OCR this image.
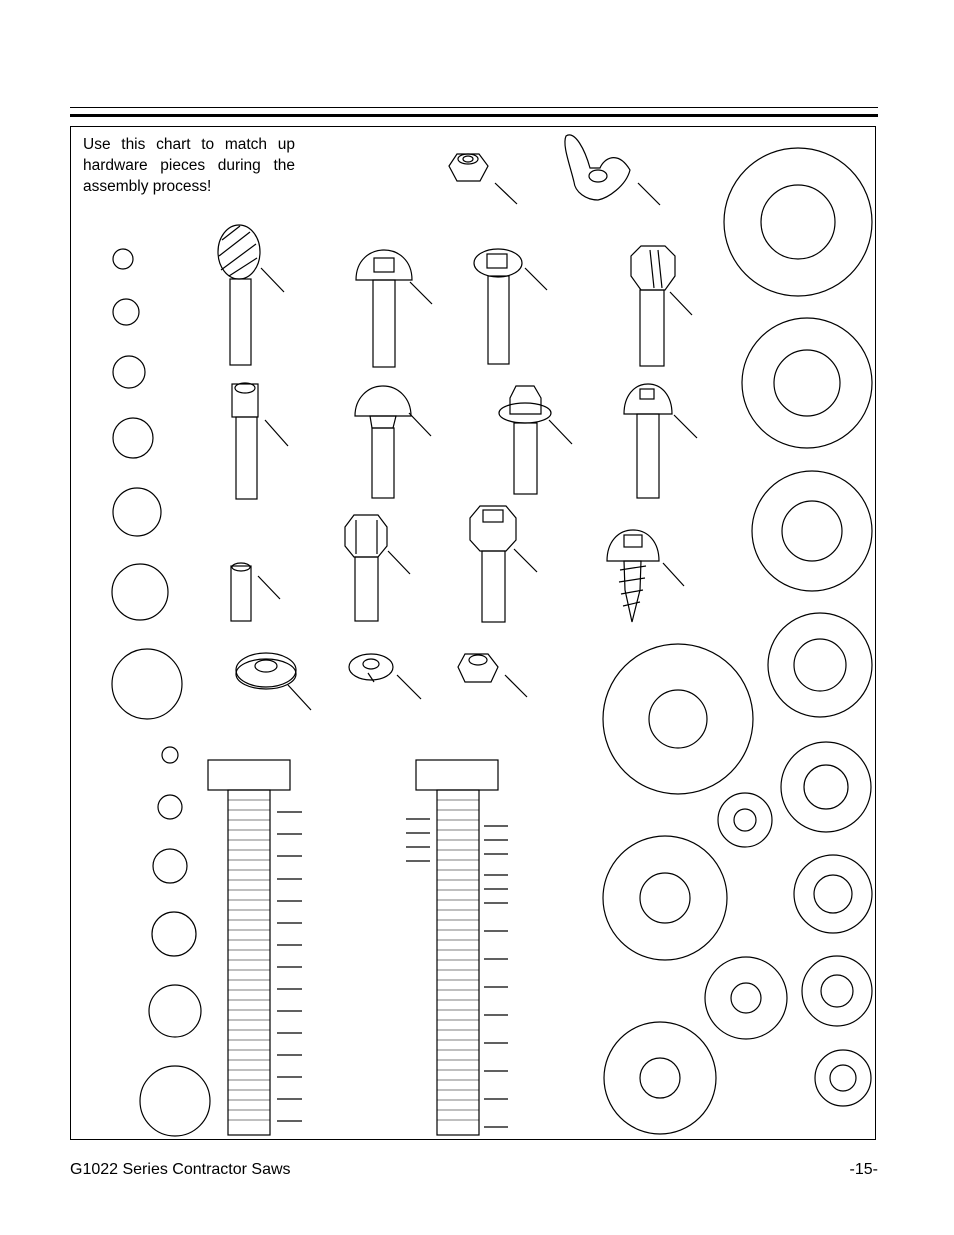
Use this chart to match up hardware pieces during the assembly process!
G1022 Series Contractor Saws	-15-
